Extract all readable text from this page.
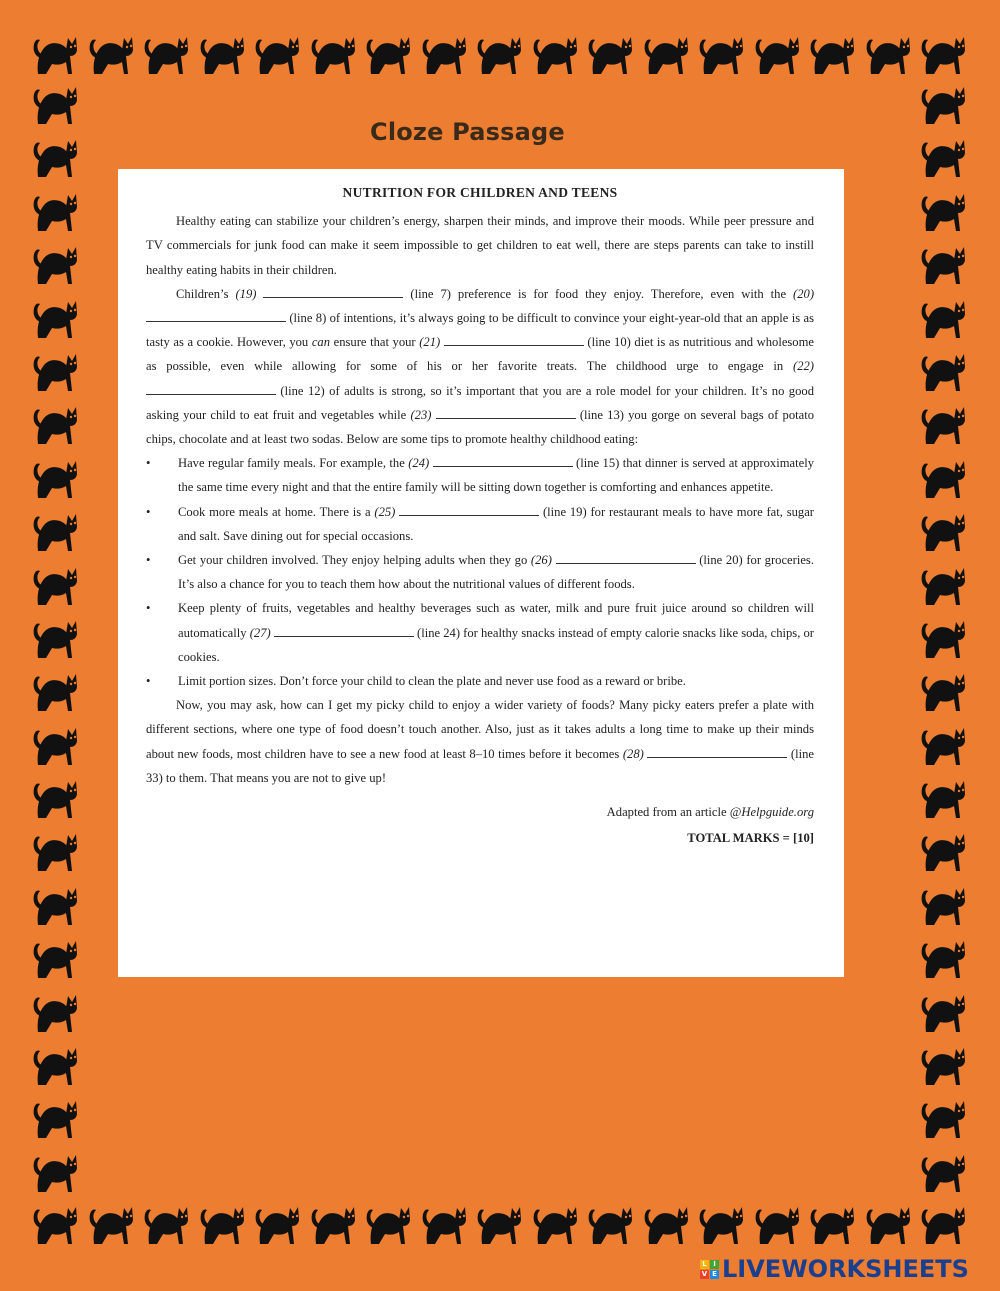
Cloze Passage
NUTRITION FOR CHILDREN AND TEENS

Healthy eating can stabilize your children’s energy, sharpen their minds, and improve their moods. While peer pressure and TV commercials for junk food can make it seem impossible to get children to eat well, there are steps parents can take to instill healthy eating habits in their children.

Children’s (19)	(line 7) preference is for food they enjoy. Therefore, even with the (20)  (line 8) of intentions, it’s always going to be difficult to convince your eight-year-old that an apple is as tasty as a cookie. However, you can ensure that your (21)	(line 10) diet is as nutritious and wholesome as possible, even while allowing for some of his or her favorite treats. The childhood urge to engage in (22)  (line 12) of adults is strong, so it’s important that you are a role model for your children. It’s no good asking your child to eat fruit and vegetables while (23)	(line 13) you gorge on several bags of potato chips, chocolate and at least two sodas. Below are some tips to promote healthy childhood eating:

• Have regular family meals. For example, the (24)	(line 15) that dinner is served at approximately the same time every night and that the entire family will be sitting down together is comforting and enhances appetite.
• Cook more meals at home. There is a (25)	(line 19) for restaurant meals to have more fat, sugar and salt. Save dining out for special occasions.
• Get your children involved. They enjoy helping adults when they go (26)	(line 20) for groceries. It’s also a chance for you to teach them how about the nutritional values of different foods.
• Keep plenty of fruits, vegetables and healthy beverages such as water, milk and pure fruit juice around so children will automatically (27)	(line 24) for healthy snacks instead of empty calorie snacks like soda, chips, or cookies.
• Limit portion sizes. Don’t force your child to clean the plate and never use food as a reward or bribe.

Now, you may ask, how can I get my picky child to enjoy a wider variety of foods? Many picky eaters prefer a plate with different sections, where one type of food doesn’t touch another. Also, just as it takes adults a long time to make up their minds about new foods, most children have to see a new food at least 8–10 times before it becomes (28)	(line 33) to them. That means you are not to give up!

Adapted from an article @Helpguide.org
TOTAL MARKS = [10]
L I
V E LIVEWORKSHEETS
